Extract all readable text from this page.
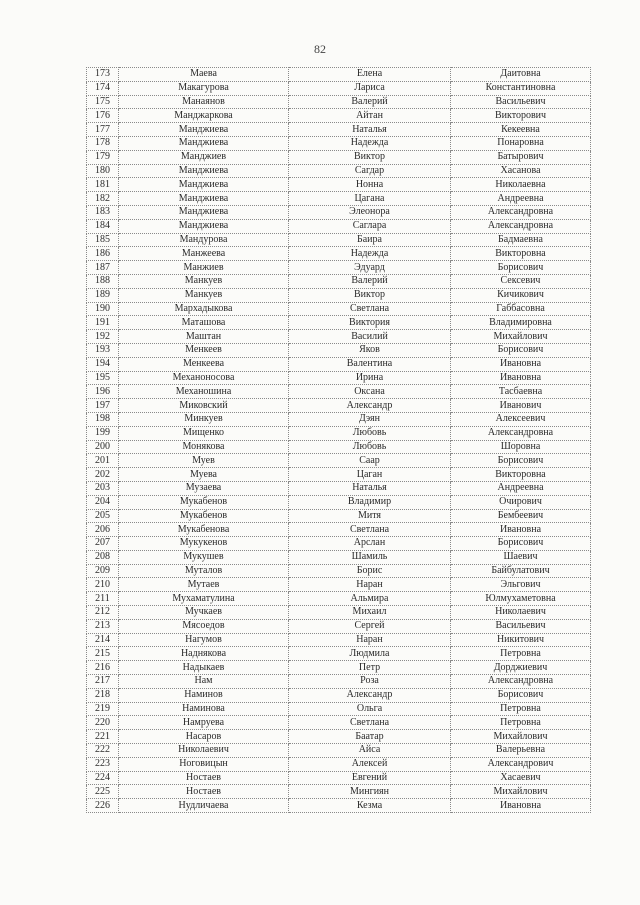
82
173	Маева	Елена	Даитовна
174	Макагурова	Лариса	Константиновна
175	Манаянов	Валерий	Васильевич
176	Манджаркова	Айтан	Викторович
177	Манджиева	Наталья	Кекеевна
178	Манджиева	Надежда	Понаровна
179	Манджиев	Виктор	Батырович
180	Манджиева	Сагдар	Хасанова
181	Манджиева	Нонна	Николаевна
182	Манджиева	Цагана	Андреевна
183	Манджиева	Элеонора	Александровна
184	Манджиева	Саглара	Александровна
185	Мандурова	Баира	Бадмаевна
186	Манжеева	Надежда	Викторовна
187	Манжиев	Эдуард	Борисович
188	Манкуев	Валерий	Сексевич
189	Манкуев	Виктор	Кичикович
190	Мархадыкова	Светлана	Габбасовна
191	Маташова	Виктория	Владимировна
192	Маштан	Василий	Михайлович
193	Менкеев	Яков	Борисович
194	Менкеева	Валентина	Ивановна
195	Механоносова	Ирина	Ивановна
196	Механошина	Оксана	Тасбаевна
197	Миковский	Александр	Иванович
198	Минкуев	Дэян	Алексеевич
199	Мищенко	Любовь	Александровна
200	Монякова	Любовь	Шоровна
201	Муев	Саар	Борисович
202	Муева	Цаган	Викторовна
203	Музаева	Наталья	Андреевна
204	Мукабенов	Владимир	Очирович
205	Мукабенов	Митя	Бембеевич
206	Мукабенова	Светлана	Ивановна
207	Мукукенов	Арслан	Борисович
208	Мукушев	Шамиль	Шаевич
209	Муталов	Борис	Байбулатович
210	Мутаев	Наран	Эльгович
211	Мухаматулина	Альмира	Юлмухаметовна
212	Мучкаев	Михаил	Николаевич
213	Мясоедов	Сергей	Васильевич
214	Нагумов	Наран	Никитович
215	Наднякова	Людмила	Петровна
216	Надыкаев	Петр	Дорджиевич
217	Нам	Роза	Александровна
218	Наминов	Александр	Борисович
219	Наминова	Ольга	Петровна
220	Намруева	Светлана	Петровна
221	Насаров	Баатар	Михайлович
222	Николаевич	Айса	Валерьевна
223	Ноговицын	Алексей	Александрович
224	Ностаев	Евгений	Хасаевич
225	Ностаев	Мингиян	Михайлович
226	Нудличаева	Кезма	Ивановна
